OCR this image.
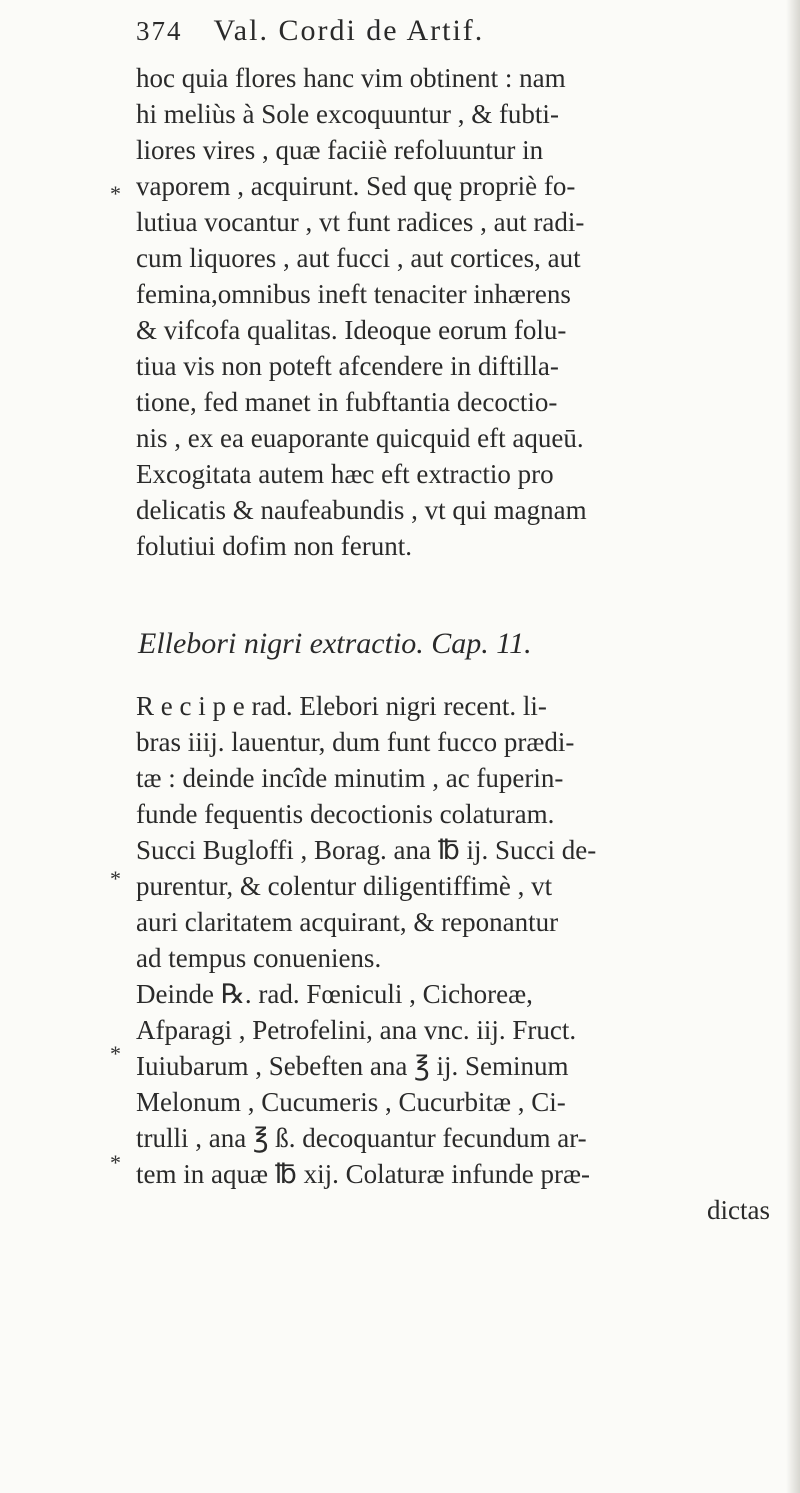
374 Val. Cordi de Artif.
hoc quia flores hanc vim obtinent : nam
hi meliùs à Sole excoquuntur , & fubti-
liores vires , quæ faciiè refoluuntur in
vaporem , acquirunt. Sed quę propriè fo-
lutiua vocantur , vt funt radices , aut radi-
cum liquores , aut fucci , aut cortices, aut
femina,omnibus ineft tenaciter inhærens
& vifcofa qualitas. Ideoque eorum folu-
tiua vis non poteft afcendere in diftilla-
tione, fed manet in fubftantia decoctio-
nis , ex ea euaporante quicquid eft aqueū.
Excogitata autem hæc eft extractio pro
delicatis & naufeabundis , vt qui magnam
folutiui dofim non ferunt.
Ellebori nigri extractio. Cap. 11.
R e c i p e rad. Elebori nigri recent. li-
bras iiij. lauentur, dum funt fucco prædi-
tæ : deinde incîde minutim , ac fuperin-
funde fequentis decoctionis colaturam.
Succi Bugloffi , Borag. ana ℔ ij. Succi de-
purentur, & colentur diligentiffimè , vt
auri claritatem acquirant, & reponantur
ad tempus conueniens.
Deinde ℞. rad. Fœniculi , Cichoreæ,
Afparagi , Petrofelini, ana vnc. iij. Fruct.
Iuiubarum , Sebeften ana ℥ ij. Seminum
Melonum , Cucumeris , Cucurbitæ , Ci-
trulli , ana ℥ ß. decoquantur fecundum ar-
tem in aquæ ℔ xij. Colaturæ infunde præ-
dictas
*
*
*
*
